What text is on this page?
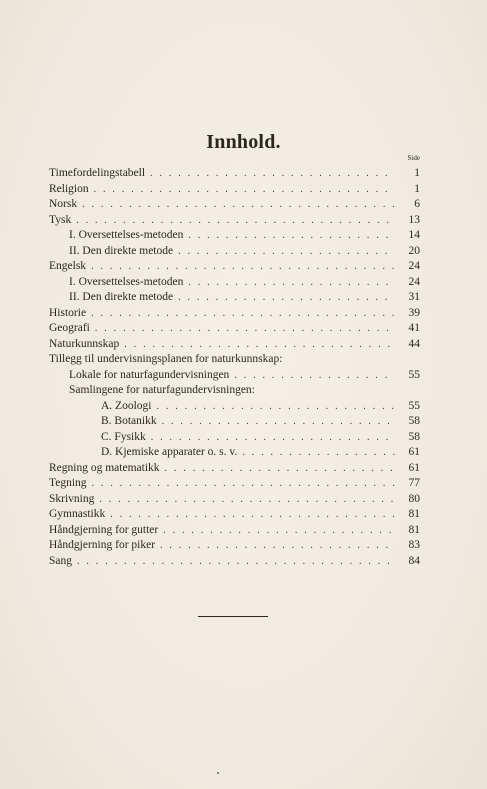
Innhold.
Side
Timefordelingstabell . . .	1
Religion . . .	1
Norsk . . .	6
Tysk . . .	13
I. Oversettelses-metoden . . .	14
II. Den direkte metode . . .	20
Engelsk . . .	24
I. Oversettelses-metoden . . .	24
II. Den direkte metode . . .	31
Historie . . .	39
Geografi . . .	41
Naturkunnskap . . .	44
Tillegg til undervisningsplanen for naturkunnskap:
Lokale for naturfagundervisningen . . .	55
Samlingene for naturfagundervisningen:
A. Zoologi . . .	55
B. Botanikk . . .	58
C. Fysikk . . .	58
D. Kjemiske apparater o. s. v. . . .	61
Regning og matematikk . . .	61
Tegning . . .	77
Skrivning . . .	80
Gymnastikk . . .	81
Håndgjerning for gutter . . .	81
Håndgjerning for piker . . .	83
Sang . . .	84
